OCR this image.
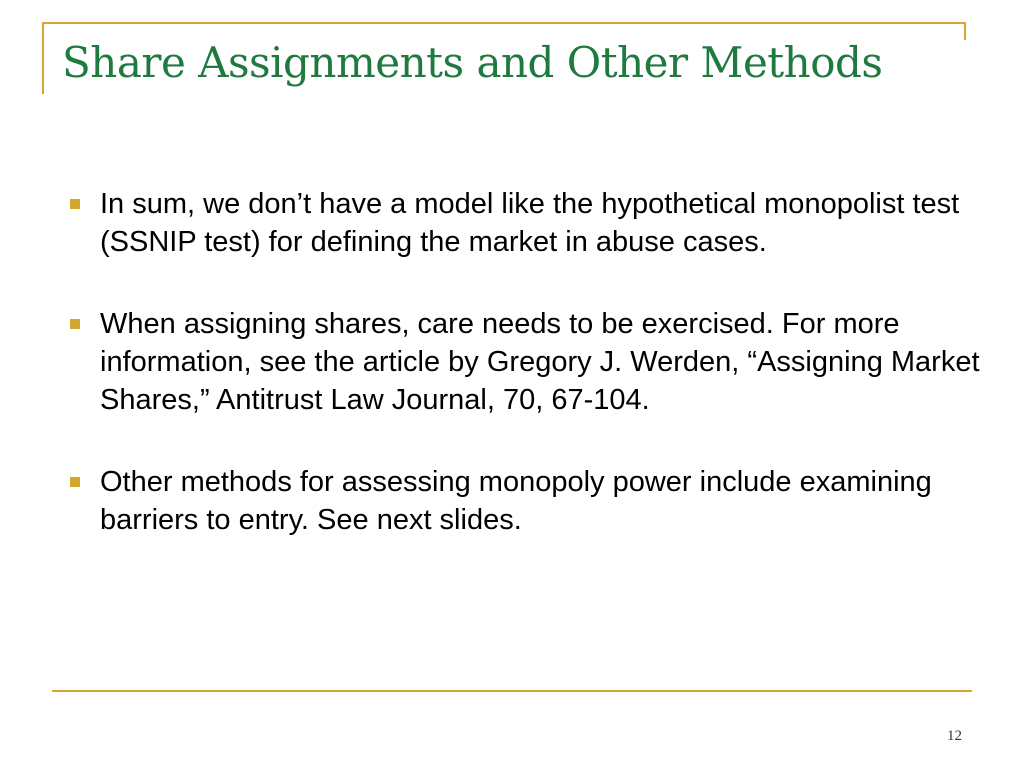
Share Assignments and Other Methods
In sum, we don’t have a model like the hypothetical monopolist test (SSNIP test) for defining the market in abuse cases.
When assigning shares, care needs to be exercised. For more information, see the article by Gregory J. Werden, “Assigning Market Shares,” Antitrust Law Journal, 70, 67-104.
Other methods for assessing monopoly power include examining barriers to entry. See next slides.
12
